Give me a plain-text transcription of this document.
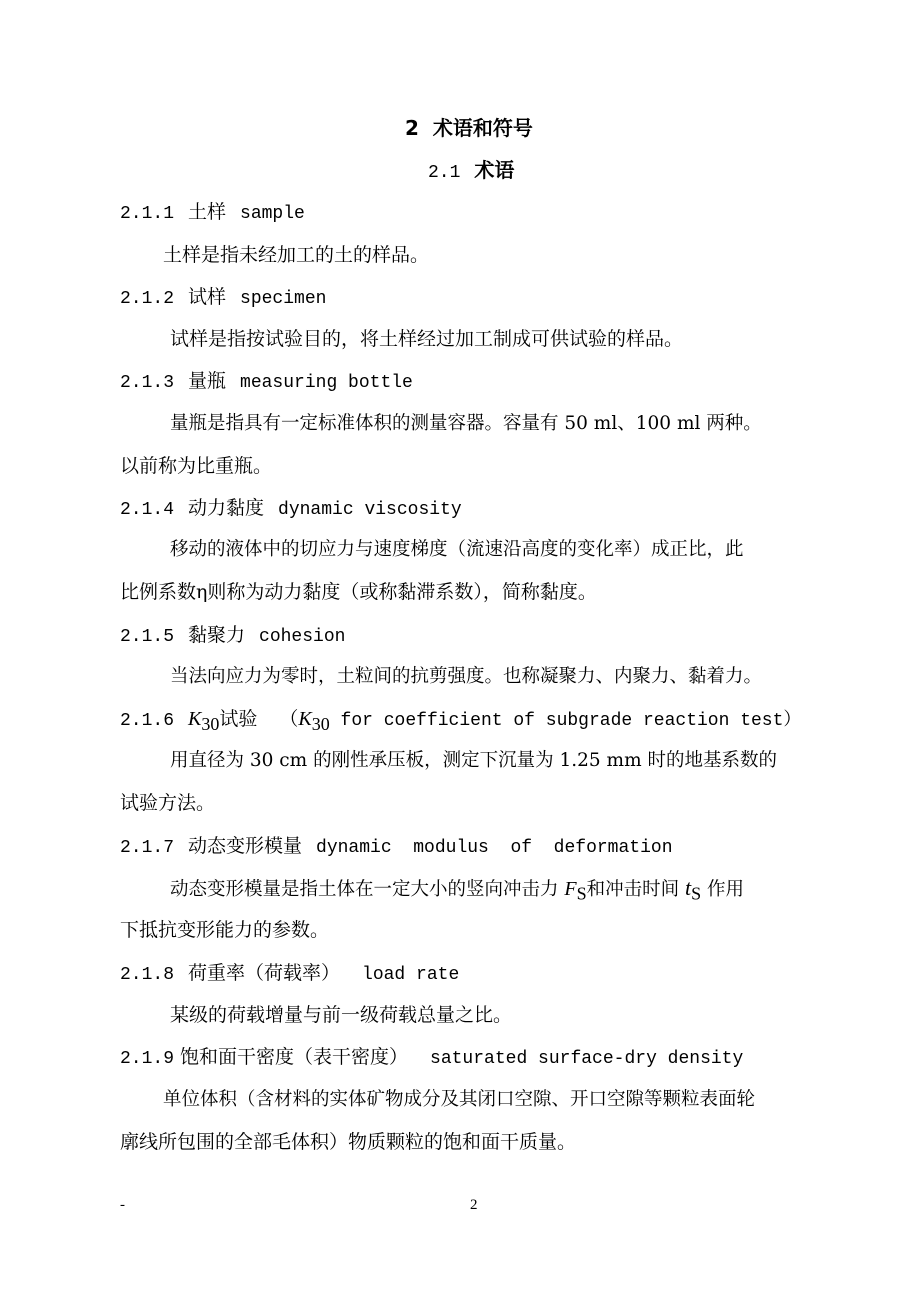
2 术语和符号
2.1 术语
2.1.1 土样 sample
土样是指未经加工的土的样品。
2.1.2 试样 specimen
试样是指按试验目的，将土样经过加工制成可供试验的样品。
2.1.3 量瓶 measuring bottle
量瓶是指具有一定标准体积的测量容器。容量有 50 ml、100 ml 两种。
以前称为比重瓶。
2.1.4 动力黏度 dynamic viscosity
移动的液体中的切应力与速度梯度（流速沿高度的变化率）成正比，此
比例系数η则称为动力黏度（或称黏滞系数），简称黏度。
2.1.5 黏聚力 cohesion
当法向应力为零时，土粒间的抗剪强度。也称凝聚力、内聚力、黏着力。
2.1.6 $K_{30}$试验 （$K_{30}$ for coefficient of subgrade reaction test）
用直径为 30 cm 的刚性承压板，测定下沉量为 1.25 mm 时的地基系数的
试验方法。
2.1.7 动态变形模量 dynamic  modulus  of  deformation
动态变形模量是指土体在一定大小的竖向冲击力 $F_S$和冲击时间 $t_S$ 作用
下抵抗变形能力的参数。
2.1.8 荷重率（荷载率） load rate
某级的荷载增量与前一级荷载总量之比。
2.1.9 饱和面干密度（表干密度） saturated surface-dry density
单位体积（含材料的实体矿物成分及其闭口空隙、开口空隙等颗粒表面轮
廓线所包围的全部毛体积）物质颗粒的饱和面干质量。
-	2
